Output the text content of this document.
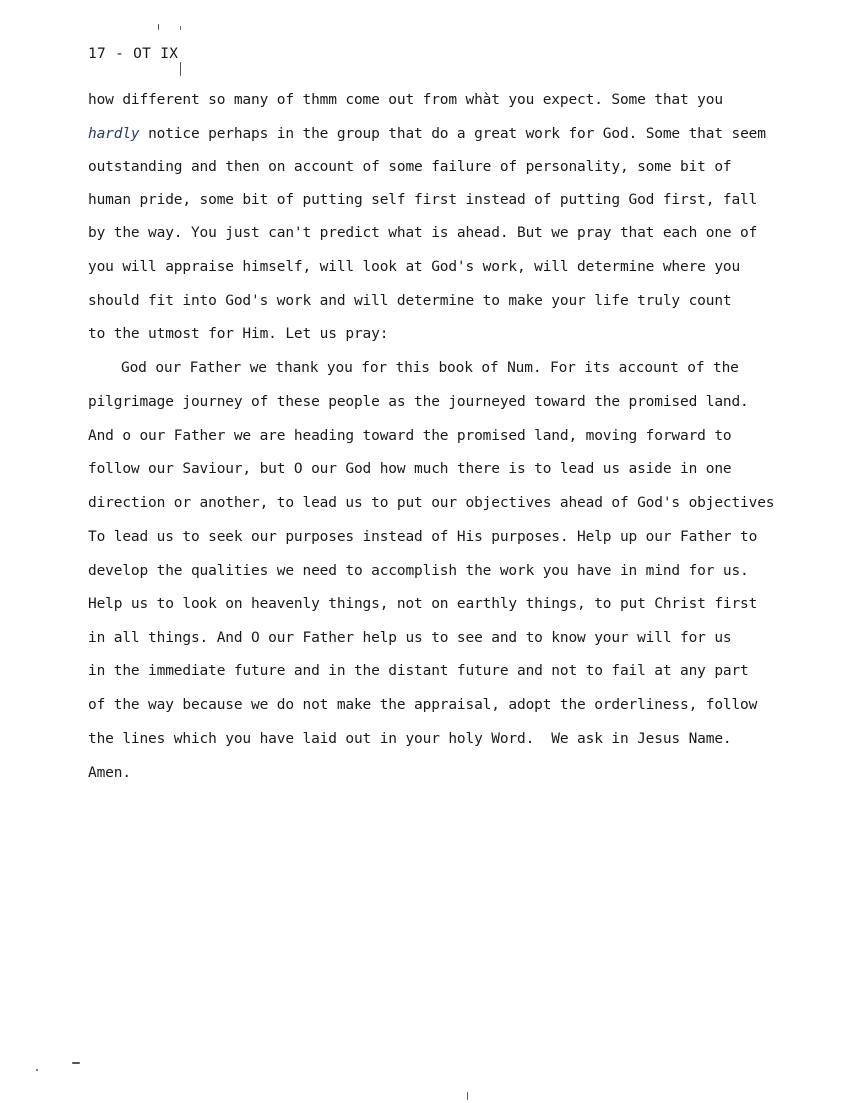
17 - OT IX
how different so many of thmm come out from whàt you expect. Some that you
hardly notice perhaps in the group that do a great work for God. Some that seem
outstanding and then on account of some failure of personality, some bit of
human pride, some bit of putting self first instead of putting God first, fall
by the way. You just can't predict what is ahead. But we pray that each one of
you will appraise himself, will look at God's work, will determine where you
should fit into God's work and will determine to make your life truly count
to the utmost for Him. Let us pray:
God our Father we thank you for this book of Num. For its account of the
pilgrimage journey of these people as the journeyed toward the promised land.
And o our Father we are heading toward the promised land, moving forward to
follow our Saviour, but O our God how much there is to lead us aside in one
direction or another, to lead us to put our objectives ahead of God's objectives
To lead us to seek our purposes instead of His purposes. Help up our Father to
develop the qualities we need to accomplish the work you have in mind for us.
Help us to look on heavenly things, not on earthly things, to put Christ first
in all things. And O our Father help us to see and to know your will for us
in the immediate future and in the distant future and not to fail at any part
of the way because we do not make the appraisal, adopt the orderliness, follow
the lines which you have laid out in your holy Word.  We ask in Jesus Name.
Amen.
